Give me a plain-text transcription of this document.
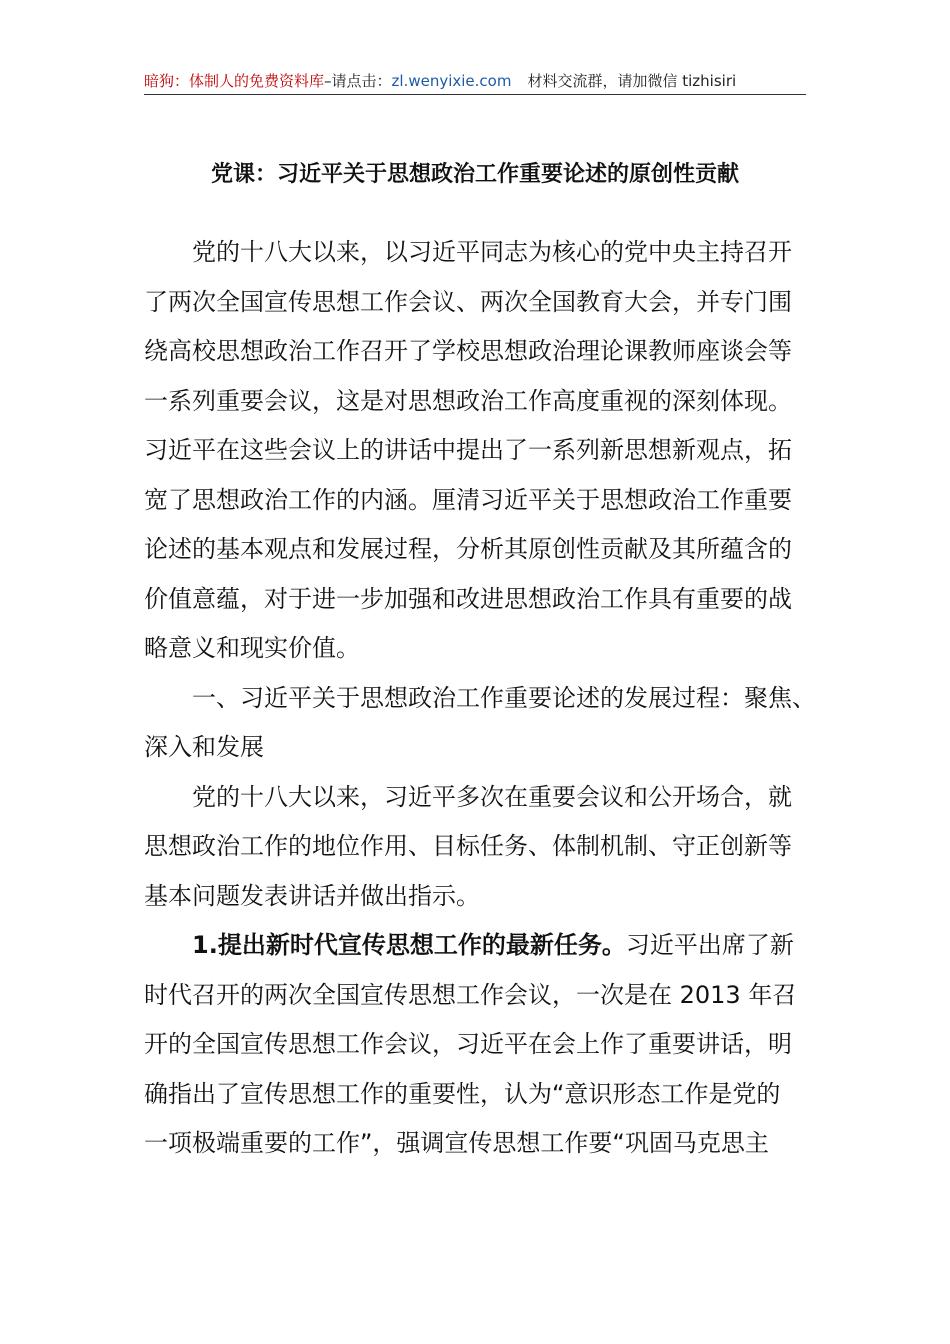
暗狗：体制人的免费资料库–请点击：zl.wenyixie.com 材料交流群，请加微信 tizhisiri
党课：习近平关于思想政治工作重要论述的原创性贡献
党的十八大以来，以习近平同志为核心的党中央主持召开
了两次全国宣传思想工作会议、两次全国教育大会，并专门围
绕高校思想政治工作召开了学校思想政治理论课教师座谈会等
一系列重要会议，这是对思想政治工作高度重视的深刻体现。
习近平在这些会议上的讲话中提出了一系列新思想新观点，拓
宽了思想政治工作的内涵。厘清习近平关于思想政治工作重要
论述的基本观点和发展过程，分析其原创性贡献及其所蕴含的
价值意蕴，对于进一步加强和改进思想政治工作具有重要的战
略意义和现实价值。
一、习近平关于思想政治工作重要论述的发展过程：聚焦、
深入和发展
党的十八大以来，习近平多次在重要会议和公开场合，就
思想政治工作的地位作用、目标任务、体制机制、守正创新等
基本问题发表讲话并做出指示。
1.提出新时代宣传思想工作的最新任务。习近平出席了新
时代召开的两次全国宣传思想工作会议，一次是在 2013 年召
开的全国宣传思想工作会议，习近平在会上作了重要讲话，明
确指出了宣传思想工作的重要性，认为“意识形态工作是党的
一项极端重要的工作”，强调宣传思想工作要“巩固马克思主
